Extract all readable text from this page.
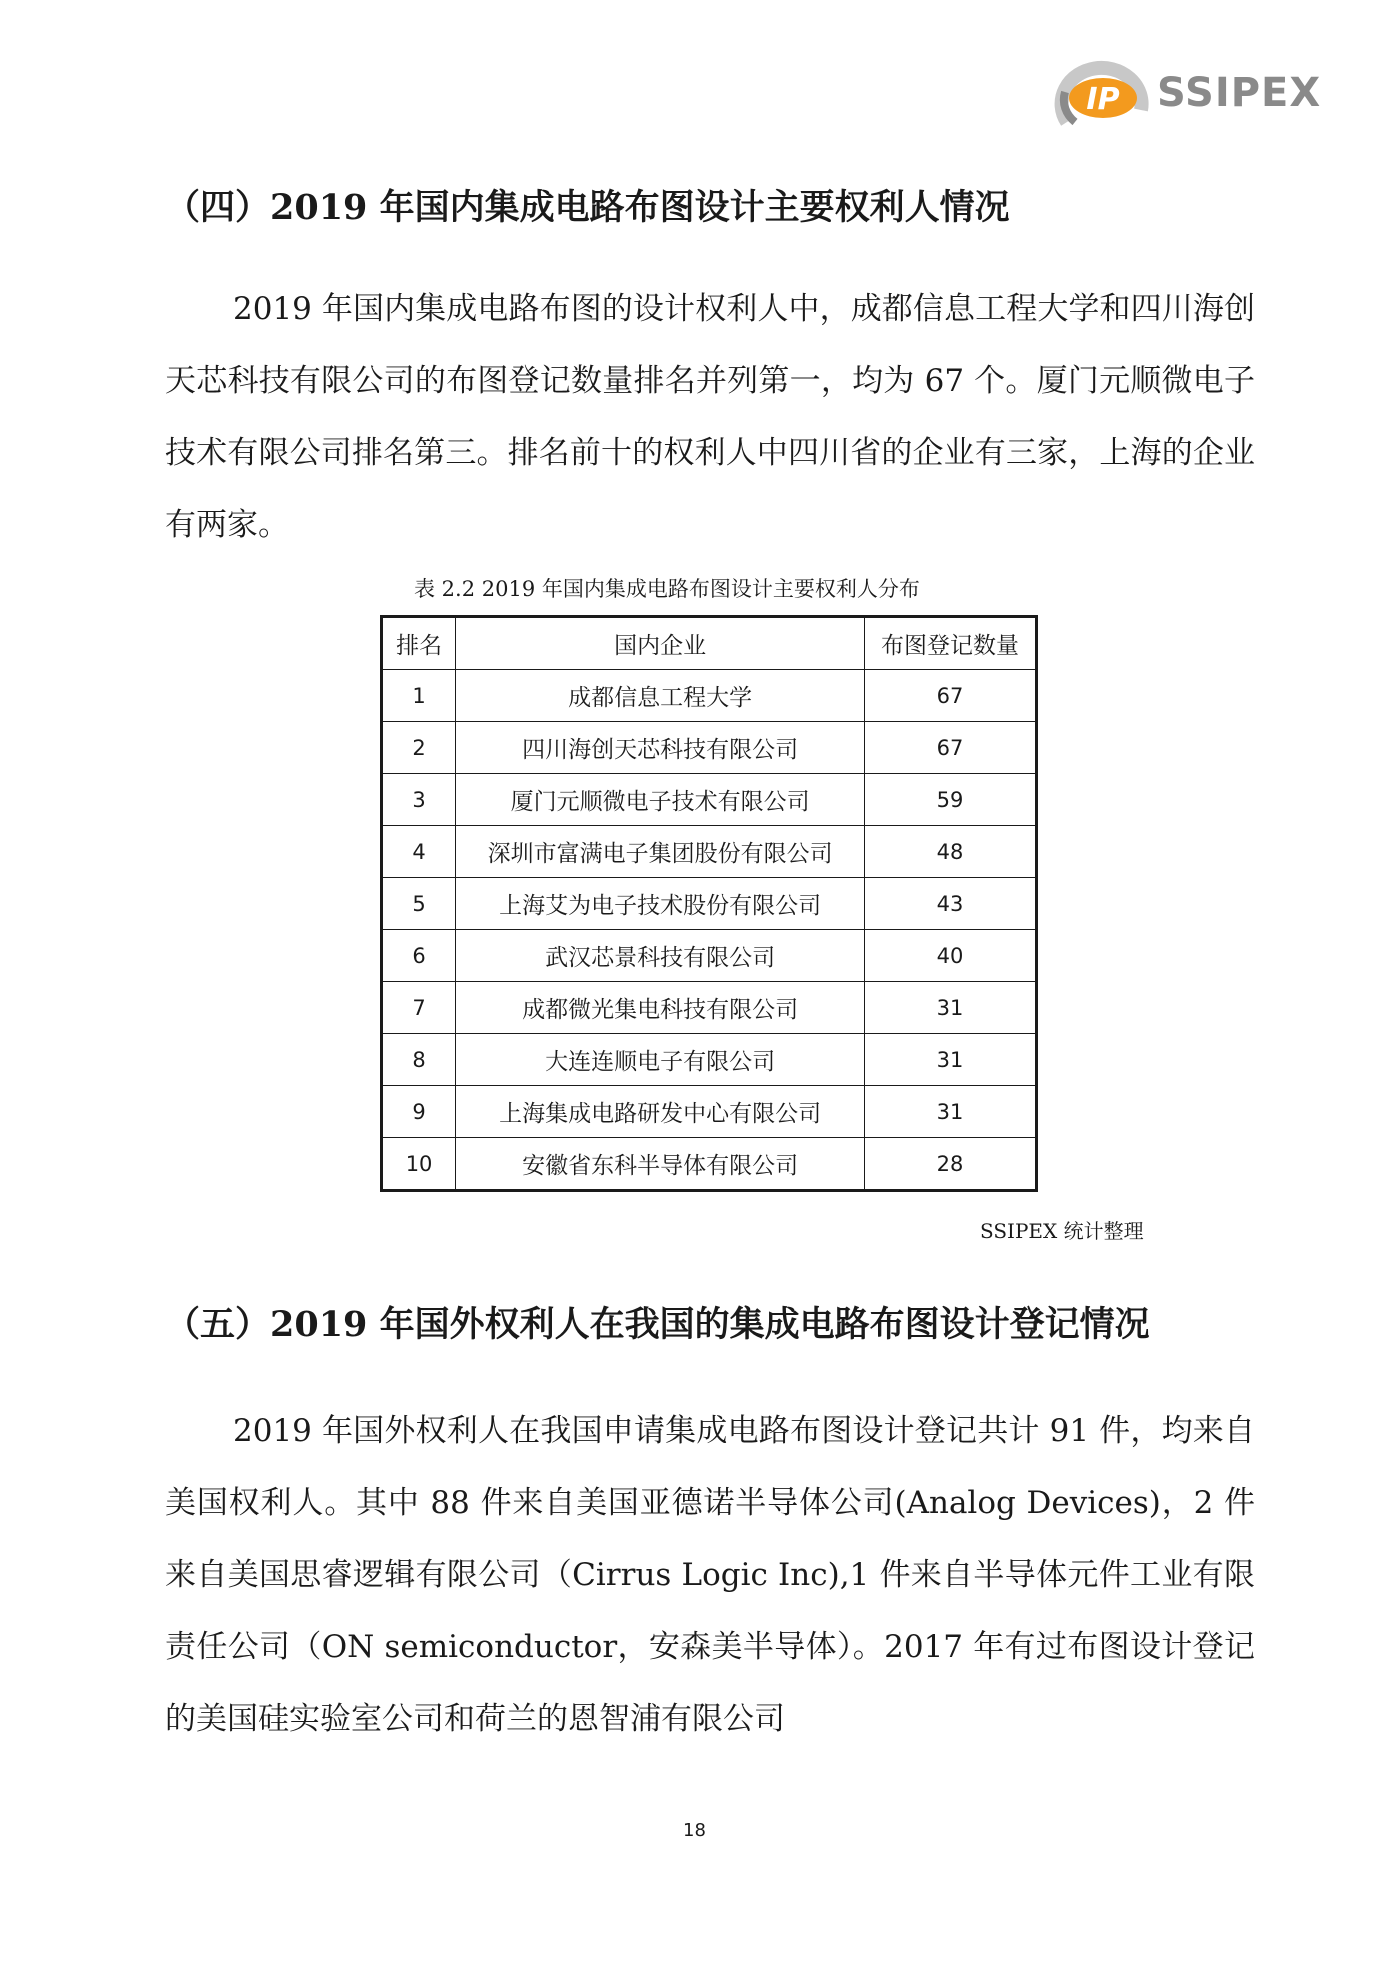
IP SSIPEX
（四）2019 年国内集成电路布图设计主要权利人情况

2019 年国内集成电路布图的设计权利人中，成都信息工程大学和四川海创天芯科技有限公司的布图登记数量排名并列第一，均为 67 个。厦门元顺微电子技术有限公司排名第三。排名前十的权利人中四川省的企业有三家，上海的企业有两家。

表 2.2 2019 年国内集成电路布图设计主要权利人分布
排名	国内企业	布图登记数量
1	成都信息工程大学	67
2	四川海创天芯科技有限公司	67
3	厦门元顺微电子技术有限公司	59
4	深圳市富满电子集团股份有限公司	48
5	上海艾为电子技术股份有限公司	43
6	武汉芯景科技有限公司	40
7	成都微光集电科技有限公司	31
8	大连连顺电子有限公司	31
9	上海集成电路研发中心有限公司	31
10	安徽省东科半导体有限公司	28
SSIPEX 统计整理
（五）2019 年国外权利人在我国的集成电路布图设计登记情况

2019 年国外权利人在我国申请集成电路布图设计登记共计 91 件，均来自美国权利人。其中 88 件来自美国亚德诺半导体公司(Analog Devices)，2 件来自美国思睿逻辑有限公司（Cirrus Logic Inc),1 件来自半导体元件工业有限责任公司（ON semiconductor，安森美半导体）。2017 年有过布图设计登记的美国硅实验室公司和荷兰的恩智浦有限公司

18
